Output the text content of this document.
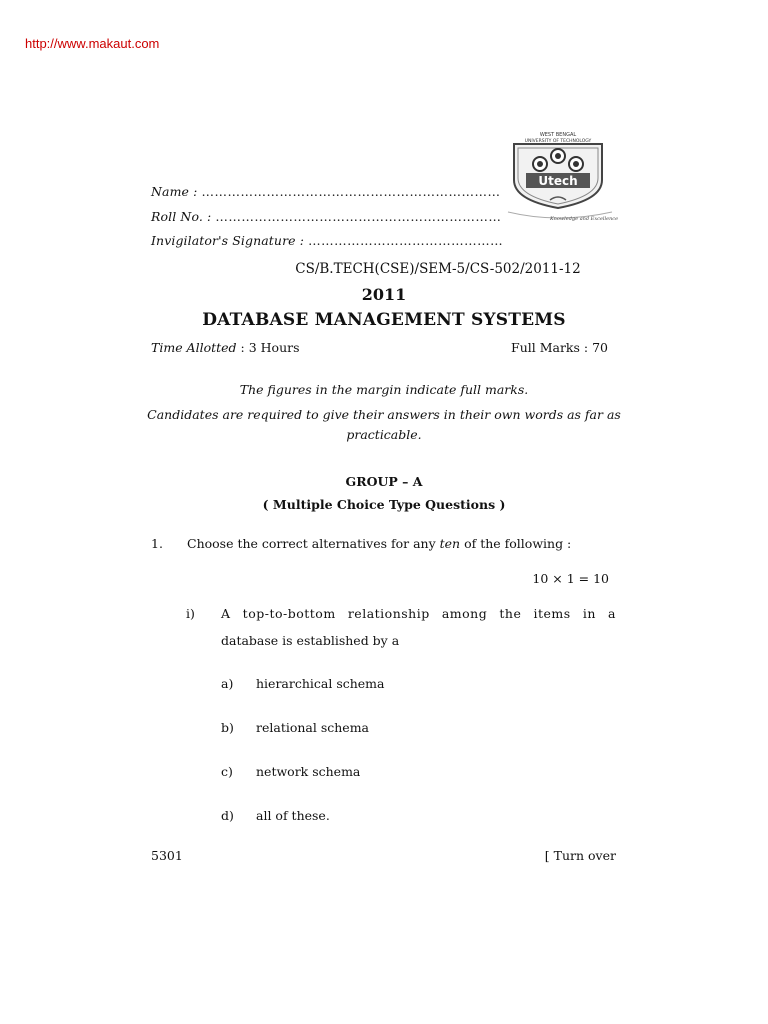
http://www.makaut.com
WEST BENGAL
UNIVERSITY OF TECHNOLOGY
Utech
Knowledge and Excellence
Name : ……………………………………………………………
Roll No. : …………………………………………………………
Invigilator's Signature : ………………………………………
CS/B.TECH(CSE)/SEM-5/CS-502/2011-12
2011
DATABASE MANAGEMENT SYSTEMS
Time Allotted : 3 Hours	Full Marks : 70
The figures in the margin indicate full marks.
Candidates are required to give their answers in their own words as far as practicable.
GROUP – A
( Multiple Choice Type Questions )
1. Choose the correct alternatives for any ten of the following :
10 × 1 = 10
i) A top-to-bottom relationship among the items in a
database is established by a
a) hierarchical schema
b) relational schema
c) network schema
d) all of these.
5301	[ Turn over
